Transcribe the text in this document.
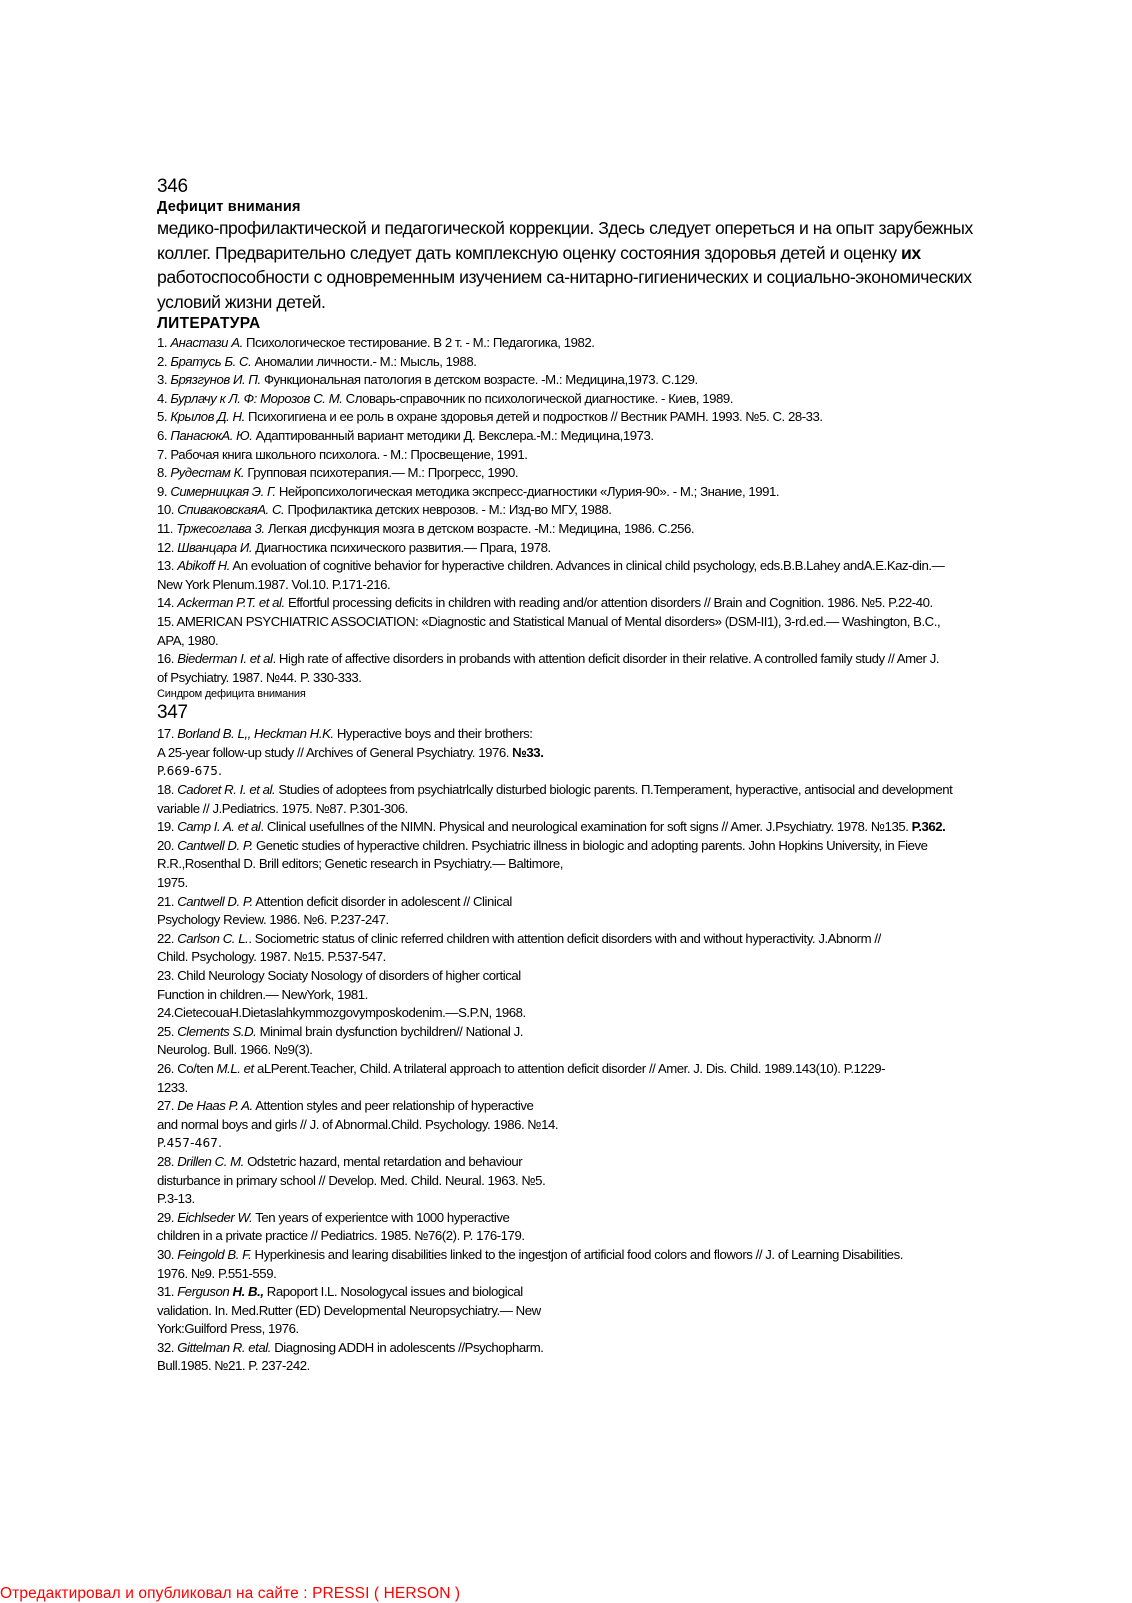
346
Дефицит внимания
медико-профилактической и педагогической коррекции. Здесь следует опереться и на опыт зарубежных
коллег. Предварительно следует дать комплексную оценку состояния здоровья детей и оценку их
работоспособности с одновременным изучением са-нитарно-гигиенических и социально-экономических
условий жизни детей.
ЛИТЕРАТУРА
1. Анастази А. Психологическое тестирование. В 2 т. - М.: Педагогика, 1982.
2. Братусь Б. С. Аномалии личности.- М.: Мысль, 1988.
3. Брязгунов И. П. Функциональная патология в детском возрасте. -М.: Медицина,1973. С.129.
4. Бурлачу к Л. Ф: Морозов С. М. Словарь-справочник по психологической диагностике. - Киев, 1989.
5. Крылов Д. Н. Психогигиена и ее роль в охране здоровья детей и подростков // Вестник РАМН. 1993. №5. С. 28-33.
6. ПанасюкА. Ю. Адаптированный вариант методики Д. Векслера.-М.: Медицина,1973.
7. Рабочая книга школьного психолога. - М.: Просвещение, 1991.
8. Рудестам К. Групповая психотерапия.— М.: Прогресс, 1990.
9. Симерницкая Э. Г. Нейропсихологическая методика экспресс-диагностики «Лурия-90». - М.; Знание, 1991.
10. СпиваковскаяА. С. Профилактика детских неврозов. - М.: Изд-во МГУ, 1988.
11. Тржесоглава 3. Легкая дисфункция мозга в детском возрасте. -М.: Медицина, 1986. С.256.
12. Шванцара И. Диагностика психического развития.— Прага, 1978.
13. Abikoff H. An evoluation of cognitive behavior for hyperactive children. Advances in clinical child psychology, eds.B.B.Lahey andA.E.Kaz-din.—
New York Plenum.1987. Vol.10. P.171-216.
14. Ackerman P.T. et al. Effortful processing deficits in children with reading and/or attention disorders // Brain and Cognition. 1986. №5. P.22-40.
15. AMERICAN PSYCHIATRIC ASSOCIATION: «Diagnostic and Statistical Manual of Mental disorders» (DSM-II1), 3-rd.ed.— Washington, B.C.,
APA, 1980.
16. Biederman I. et al. High rate of affective disorders in probands with attention deficit disorder in their relative. A controlled family study // Amer J.
of Psychiatry. 1987. №44. P. 330-333.
Синдром дефицита внимания
347
17. Borland B. L,, Heckman H.K. Hyperactive boys and their brothers:
A 25-year follow-up study // Archives of General Psychiatry. 1976. №33.
P.669-675.
18. Cadoret R. I. et al. Studies of adoptees from psychiatrlcally disturbed biologic parents. П.Temperament, hyperactive, antisocial and development
variable // J.Pediatrics. 1975. №87. P.301-306.
19. Camp I. A. et al. Clinical usefullnes of the NIMN. Physical and neurological examination for soft signs // Amer. J.Psychiatry. 1978. №135. P.362.
20. Cantwell D. P. Genetic studies of hyperactive children. Psychiatric illness in biologic and adopting parents. John Hopkins University, in Fieve
R.R.,Rosenthal D. Brill editors; Genetic research in Psychiatry.— Baltimore,
1975.
21. Cantwell D. P. Attention deficit disorder in adolescent // Clinical
Psychology Review. 1986. №6. P.237-247.
22. Carlson C. L.. Sociometric status of clinic referred children with attention deficit disorders with and without hyperactivity. J.Abnorm //
Child. Psychology. 1987. №15. P.537-547.
23. Child Neurology Sociaty Nosology of disorders of higher cortical
Function in children.— NewYork, 1981.
24.CietecouaH.Dietaslahkymmozgovymposkodenim.—S.P.N, 1968.
25. Clements S.D. Minimal brain dysfunction bychildren// National J.
Neurolog. Bull. 1966. №9(3).
26. Co/ten M.L. et aLPerent.Teacher, Child. A trilateral approach to attention deficit disorder // Amer. J. Dis. Child. 1989.143(10). P.1229-
1233.
27. De Haas P. A. Attention styles and peer relationship of hyperactive
and normal boys and girls // J. of Abnormal.Child. Psychology. 1986. №14.
P.457-467.
28. Drillen C. M. Odstetric hazard, mental retardation and behaviour
disturbance in primary school // Develop. Med. Child. Neural. 1963. №5.
P.3-13.
29. Eichlseder W. Ten years of experientce with 1000 hyperactive
children in a private practice // Pediatrics. 1985. №76(2). P. 176-179.
30. Feingold B. F. Hyperkinesis and learing disabilities linked to the ingestjon of artificial food colors and flowors // J. of Learning Disabilities.
1976. №9. P.551-559.
31. Ferguson H. B., Rapoport I.L. Nosologycal issues and biological
validation. In. Med.Rutter (ED) Developmental Neuropsychiatry.— New
York:Guilford Press, 1976.
32. Gittelman R. etal. Diagnosing ADDH in adolescents //Psychopharm.
Bull.1985. №21. P. 237-242.
Отредактировал и опубликовал на сайте : PRESSI ( HERSON )
